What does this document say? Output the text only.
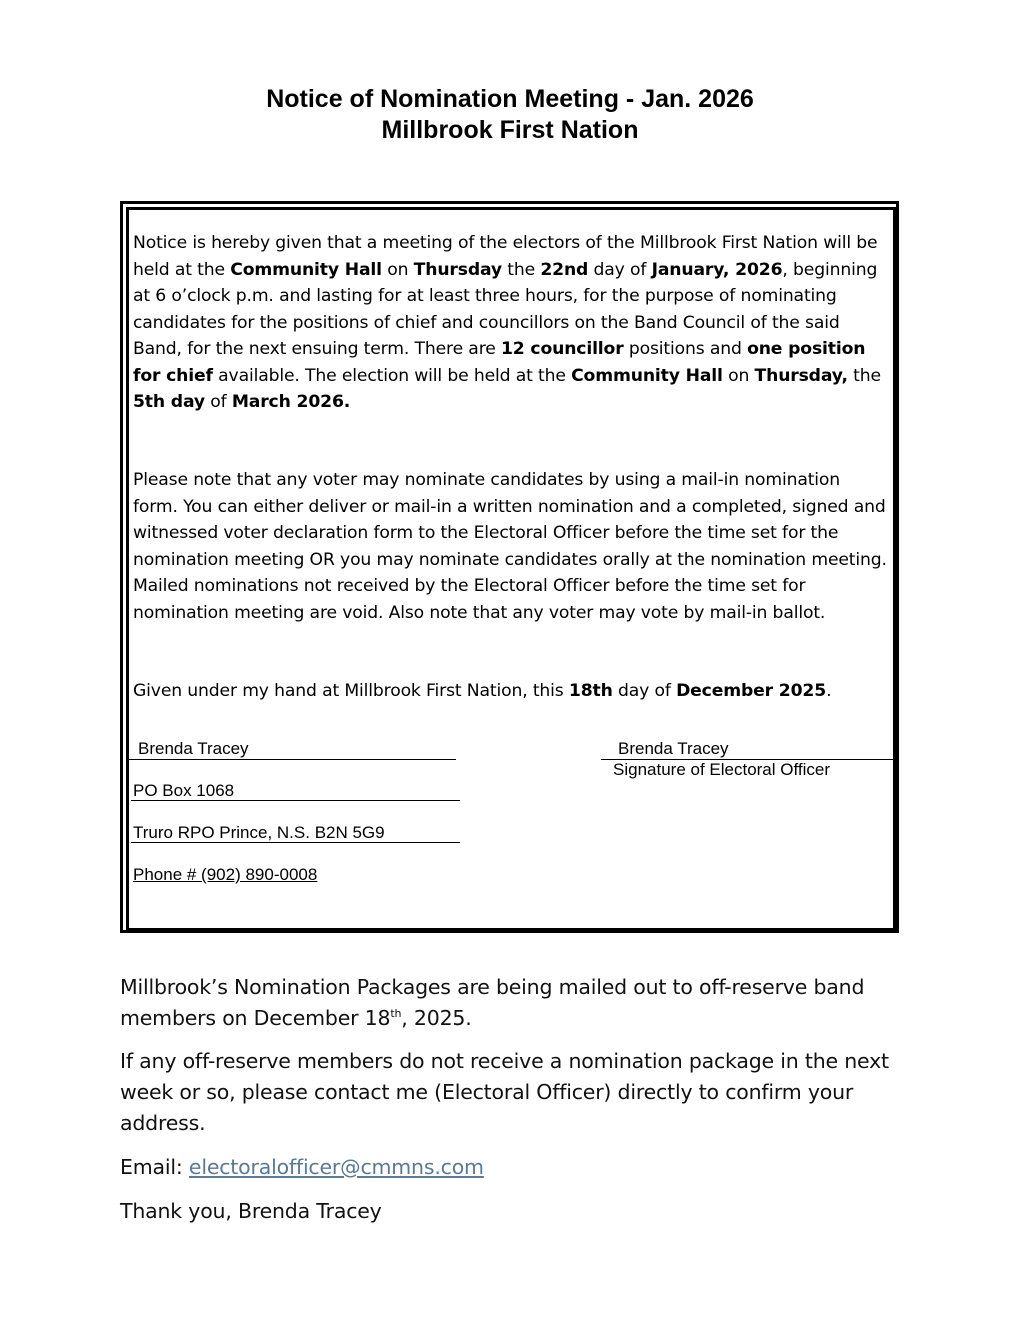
Notice of Nomination Meeting - Jan. 2026
Millbrook First Nation
Notice is hereby given that a meeting of the electors of the Millbrook First Nation will be held at the Community Hall on Thursday the 22nd day of January, 2026, beginning at 6 o’clock p.m. and lasting for at least three hours, for the purpose of nominating candidates for the positions of chief and councillors on the Band Council of the said Band, for the next ensuing term. There are 12 councillor positions and one position for chief available. The election will be held at the Community Hall on Thursday, the 5th day of March 2026.
Please note that any voter may nominate candidates by using a mail-in nomination form. You can either deliver or mail-in a written nomination and a completed, signed and witnessed voter declaration form to the Electoral Officer before the time set for the nomination meeting OR you may nominate candidates orally at the nomination meeting. Mailed nominations not received by the Electoral Officer before the time set for nomination meeting are void. Also note that any voter may vote by mail-in ballot.
Given under my hand at Millbrook First Nation, this 18th day of December 2025.
Brenda Tracey
PO Box 1068
Truro RPO Prince, N.S. B2N 5G9
Phone # (902) 890-0008
Brenda Tracey
Signature of Electoral Officer
Millbrook’s Nomination Packages are being mailed out to off-reserve band members on December 18th, 2025.
If any off-reserve members do not receive a nomination package in the next week or so, please contact me (Electoral Officer) directly to confirm your address.
Email: electoralofficer@cmmns.com
Thank you, Brenda Tracey
